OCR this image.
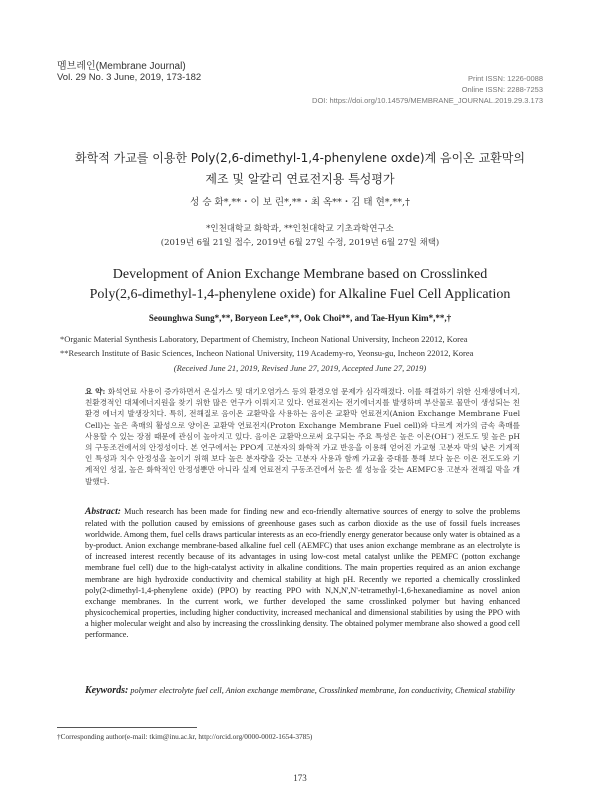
멤브레인(Membrane Journal)
Vol. 29 No. 3 June, 2019, 173-182	Print ISSN: 1226-0088
Online ISSN: 2288-7253
DOI: https://doi.org/10.14579/MEMBRANE_JOURNAL.2019.29.3.173
화학적 가교를 이용한 Poly(2,6-dimethyl-1,4-phenylene oxde)계 음이온 교환막의
제조 및 알칼리 연료전지용 특성평가
성 승 화*,**・이 보 린*,**・최 옥**・김 태 현*,**,†
*인천대학교 화학과, **인천대학교 기초과학연구소
(2019년 6월 21일 접수, 2019년 6월 27일 수정, 2019년 6월 27일 채택)
Development of Anion Exchange Membrane based on Crosslinked
Poly(2,6-dimethyl-1,4-phenylene oxide) for Alkaline Fuel Cell Application
Seounghwa Sung*,**, Boryeon Lee*,**, Ook Choi**, and Tae-Hyun Kim*,**,†
*Organic Material Synthesis Laboratory, Department of Chemistry, Incheon National University, Incheon 22012, Korea
**Research Institute of Basic Sciences, Incheon National University, 119 Academy-ro, Yeonsu-gu, Incheon 22012, Korea
(Received June 21, 2019, Revised June 27, 2019, Accepted June 27, 2019)
요 약: 화석연료 사용이 증가하면서 온실가스 및 대기오염가스 등의 환경오염 문제가 심각해졌다. 이를 해결하기 위한 신재생에너지, 친환경적인 대체에너지원을 찾기 위한 많은 연구가 이뤄지고 있다. 연료전지는 전기에너지를 발생하며 부산물로 물만이 생성되는 친환경 에너지 발생장치다. 특히, 전해질로 음이온 교환막을 사용하는 음이온 교환막 연료전지(Anion Exchange Membrane Fuel Cell)는 높은 촉매의 활성으로 양이온 교환막 연료전지(Proton Exchange Membrane Fuel cell)와 다르게 저가의 금속 촉매를 사용할 수 있는 장점 때문에 관심이 높아지고 있다. 음이온 교환막으로써 요구되는 주요 특성은 높은 이온(OH⁻) 전도도 및 높은 pH의 구동조건에서의 안정성이다. 본 연구에서는 PPO계 고분자의 화학적 가교 반응을 이용해 얻어진 가교형 고분자 막의 낮은 기계적인 특성과 치수 안정성을 높이기 위해 보다 높은 분자량을 갖는 고분자 사용과 함께 가교율 증대를 통해 보다 높은 이온 전도도와 기계적인 성질, 높은 화학적인 안정성뿐만 아니라 실제 연료전지 구동조건에서 높은 셀 성능을 갖는 AEMFC용 고분자 전해질 막을 개발했다.
Abstract: Much research has been made for finding new and eco-friendly alternative sources of energy to solve the problems related with the pollution caused by emissions of greenhouse gases such as carbon dioxide as the use of fossil fuels increases worldwide. Among them, fuel cells draws particular interests as an eco-friendly energy generator because only water is obtained as a by-product. Anion exchange membrane-based alkaline fuel cell (AEMFC) that uses anion exchange membrane as an electrolyte is of increased interest recently because of its advantages in using low-cost metal catalyst unlike the PEMFC (potton exchange membrane fuel cell) due to the high-catalyst activity in alkaline conditions. The main properties required as an anion exchange membrane are high hydroxide conductivity and chemical stability at high pH. Recently we reported a chemically crosslinked poly(2-dimethyl-1,4-phenylene oxide) (PPO) by reacting PPO with N,N,N',N'-tetramethyl-1,6-hexanediamine as novel anion exchange membranes. In the current work, we further developed the same crosslinked polymer but having enhanced physicochemical properties, including higher conductivity, increased mechanical and dimensional stabilities by using the PPO with a higher molecular weight and also by increasing the crosslinking density. The obtained polymer membrane also showed a good cell performance.
Keywords: polymer electrolyte fuel cell, Anion exchange membrane, Crosslinked membrane, Ion conductivity, Chemical stability
†Corresponding author(e-mail: tkim@inu.ac.kr, http://orcid.org/0000-0002-1654-3785)
173
